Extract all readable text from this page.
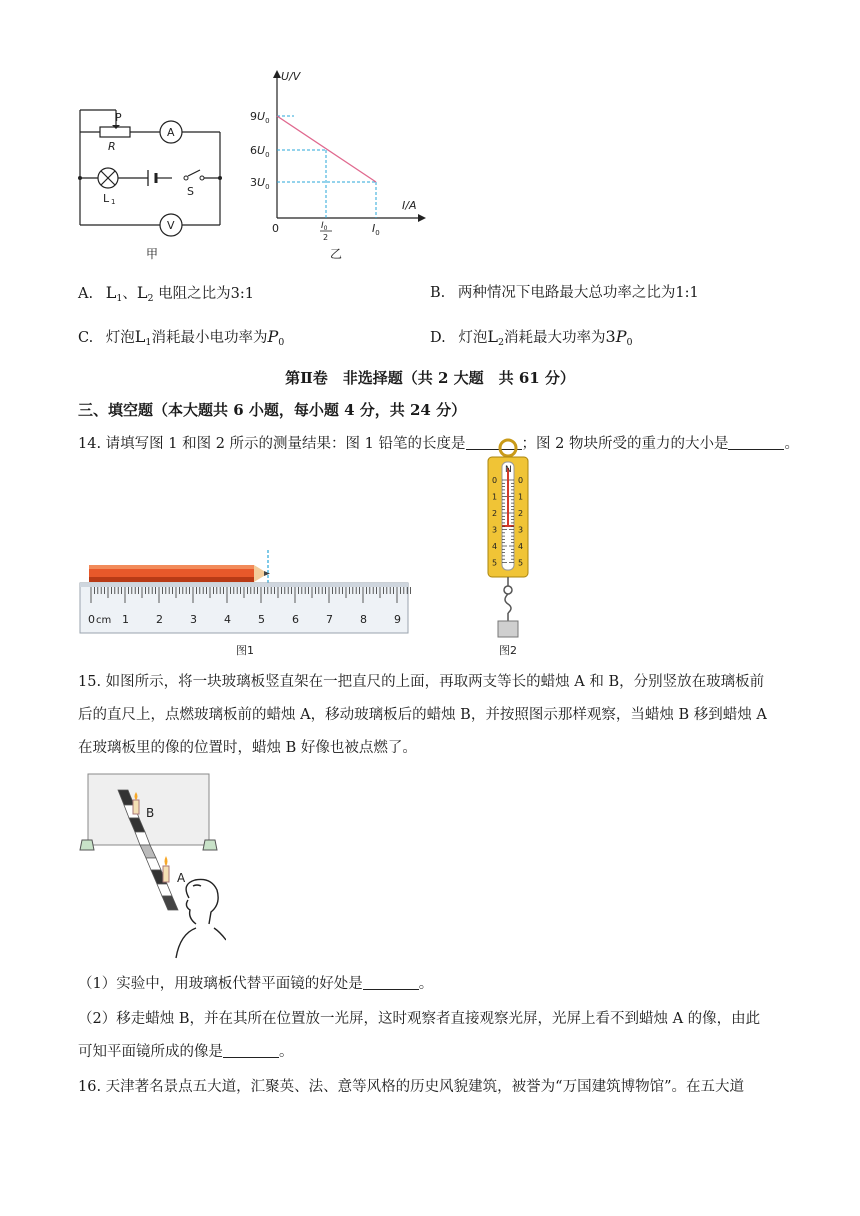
P
R
A
L 1
S
V
甲
U/V
I/A
0
$9U_0$
$6U_0$
$3U_0$
$I_0$
2
$I_0$
乙
A. $L_1$、$L_2$ 电阻之比为3:1	B. 两种情况下电路最大总功率之比为1:1
C. 灯泡$L_1$消耗最小电功率为$P_0$	D. 灯泡$L_2$消耗最大功率为$3P_0$
第Ⅱ卷　非选择题（共 2 大题　共 61 分）
三、填空题（本大题共 6 小题，每小题 4 分，共 24 分）
14. 请填写图 1 和图 2 所示的测量结果：图 1 铅笔的长度是	；图 2 物块所受的重力的大小是	。
0 1 2 3 4 5 6 7 8 9
cm
图1
0	0
1	1
2	2
3	3
4	4
5	5
N
图2
15. 如图所示，将一块玻璃板竖直架在一把直尺的上面，再取两支等长的蜡烛 A 和 B，分别竖放在玻璃板前
后的直尺上，点燃玻璃板前的蜡烛 A，移动玻璃板后的蜡烛 B，并按照图示那样观察，当蜡烛 B 移到蜡烛 A
在玻璃板里的像的位置时，蜡烛 B 好像也被点燃了。
B
A
（1）实验中，用玻璃板代替平面镜的好处是	。
（2）移走蜡烛 B，并在其所在位置放一光屏，这时观察者直接观察光屏，光屏上看不到蜡烛 A 的像，由此
可知平面镜所成的像是	。
16. 天津著名景点五大道，汇聚英、法、意等风格的历史风貌建筑，被誉为“万国建筑博物馆”。在五大道
